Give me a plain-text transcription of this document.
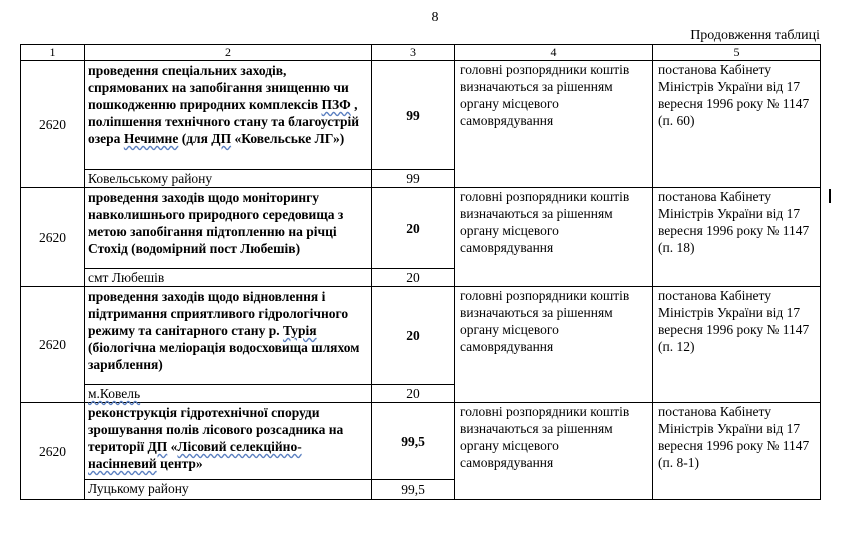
8
Продовження таблиці
1	2	3	4	5
2620	проведення спеціальних заходів, спрямованих на запобігання знищенню чи пошкодженню природних комплексів ПЗФ , поліпшення технічного стану та благоустрій озера Нечимне (для ДП «Ковельське ЛГ»)	99	головні розпорядники коштів визначаються за рішенням органу місцевого самоврядування	постанова Кабінету Міністрів України від 17 вересня 1996 року № 1147 (п. 60)
	Ковельському району	99		
2620	проведення заходів щодо моніторингу навколишнього природного середовища з метою запобігання підтопленню на річці Стохід (водомірний пост Любешів)	20	головні розпорядники коштів визначаються за рішенням органу місцевого самоврядування	постанова Кабінету Міністрів України від 17 вересня 1996 року № 1147 (п. 18)
	смт Любешів	20		
2620	проведення заходів щодо відновлення і підтримання сприятливого гідрологічного режиму та санітарного стану р. Турія (біологічна меліорація водосховища шляхом зариблення)	20	головні розпорядники коштів визначаються за рішенням органу місцевого самоврядування	постанова Кабінету Міністрів України від 17 вересня 1996 року № 1147 (п. 12)
	м.Ковель	20		
2620	реконструкція гідротехнічної споруди зрошування полів лісового розсадника на території ДП «Лісовий селекційно-насінневий центр»	99,5	головні розпорядники коштів визначаються за рішенням органу місцевого самоврядування	постанова Кабінету Міністрів України від 17 вересня 1996 року № 1147 (п. 8-1)
	Луцькому району	99,5		
